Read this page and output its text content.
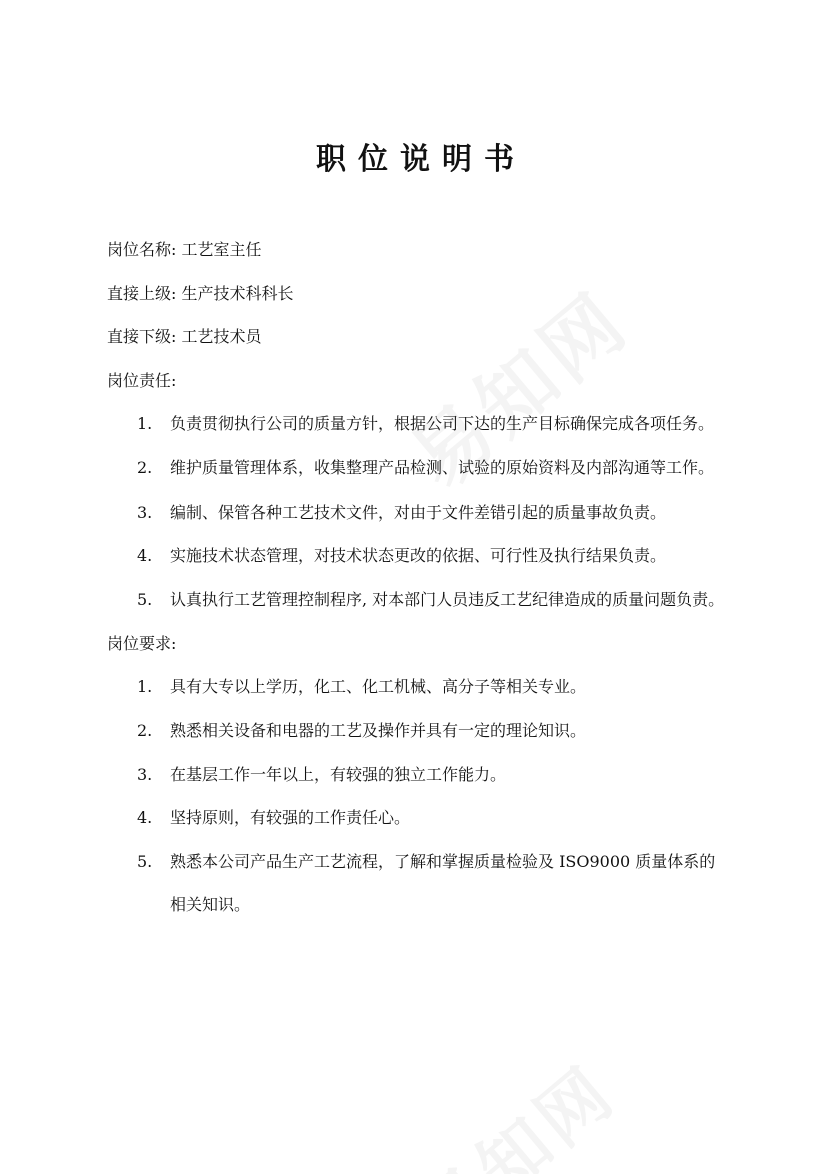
职位说明书
岗位名称: 工艺室主任
直接上级: 生产技术科科长
直接下级: 工艺技术员
岗位责任:
1. 负责贯彻执行公司的质量方针，根据公司下达的生产目标确保完成各项任务。
2. 维护质量管理体系，收集整理产品检测、试验的原始资料及内部沟通等工作。
3. 编制、保管各种工艺技术文件，对由于文件差错引起的质量事故负责。
4. 实施技术状态管理，对技术状态更改的依据、可行性及执行结果负责。
5. 认真执行工艺管理控制程序, 对本部门人员违反工艺纪律造成的质量问题负责。
岗位要求:
1. 具有大专以上学历，化工、化工机械、高分子等相关专业。
2. 熟悉相关设备和电器的工艺及操作并具有一定的理论知识。
3. 在基层工作一年以上，有较强的独立工作能力。
4. 坚持原则，有较强的工作责任心。
5. 熟悉本公司产品生产工艺流程，了解和掌握质量检验及 ISO9000 质量体系的
相关知识。
